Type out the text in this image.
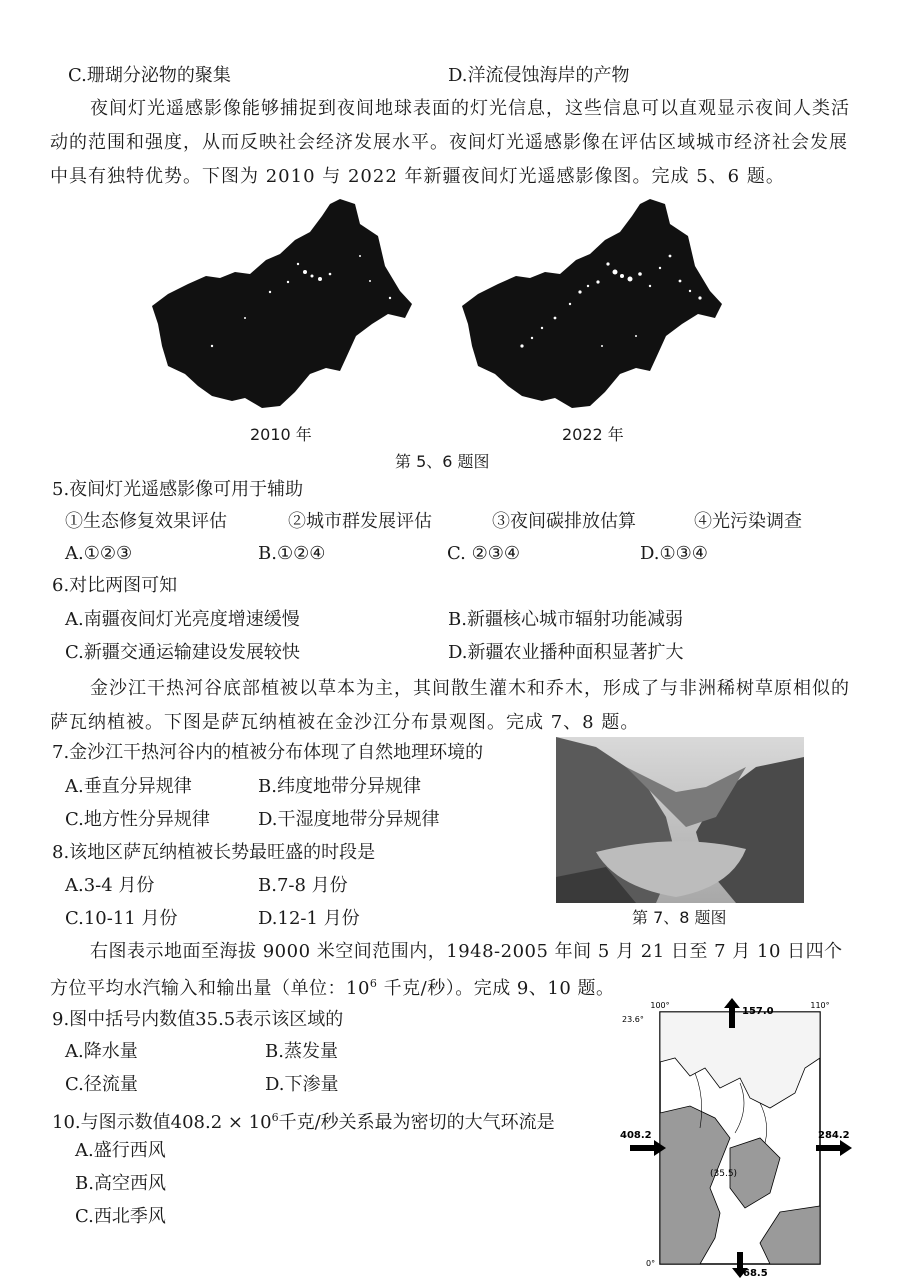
C.珊瑚分泌物的聚集	D.洋流侵蚀海岸的产物
夜间灯光遥感影像能够捕捉到夜间地球表面的灯光信息，这些信息可以直观显示夜间人类活动的范围和强度，从而反映社会经济发展水平。夜间灯光遥感影像在评估区域城市经济社会发展中具有独特优势。下图为 2010 与 2022 年新疆夜间灯光遥感影像图。完成 5、6 题。
2010 年	2022 年
第 5、6 题图
5.夜间灯光遥感影像可用于辅助
①生态修复效果评估	②城市群发展评估	③夜间碳排放估算	④光污染调查
A.①②③	B.①②④	C. ②③④	D.①③④
6.对比两图可知
A.南疆夜间灯光亮度增速缓慢	B.新疆核心城市辐射功能减弱
C.新疆交通运输建设发展较快	D.新疆农业播种面积显著扩大
金沙江干热河谷底部植被以草本为主，其间散生灌木和乔木，形成了与非洲稀树草原相似的萨瓦纳植被。下图是萨瓦纳植被在金沙江分布景观图。完成 7、8 题。
7.金沙江干热河谷内的植被分布体现了自然地理环境的
A.垂直分异规律	B.纬度地带分异规律
C.地方性分异规律	D.干湿度地带分异规律
8.该地区萨瓦纳植被长势最旺盛的时段是
A.3-4 月份	B.7-8 月份
C.10-11 月份	D.12-1 月份	第 7、8 题图
右图表示地面至海拔 9000 米空间范围内，1948-2005 年间 5 月 21 日至 7 月 10 日四个
方位平均水汽输入和输出量（单位：$10^6$ 千克/秒）。完成 9、10 题。
9.图中括号内数值35.5表示该区域的
A.降水量	B.蒸发量
C.径流量	D.下渗量
10.与图示数值$408.2 \times 10^6$千克/秒关系最为密切的大气环流是
A.盛行西风
B.高空西风
C.西北季风
100°	110°
23.6°
0°
157.0
408.2	284.2
68.5
(35.5)
